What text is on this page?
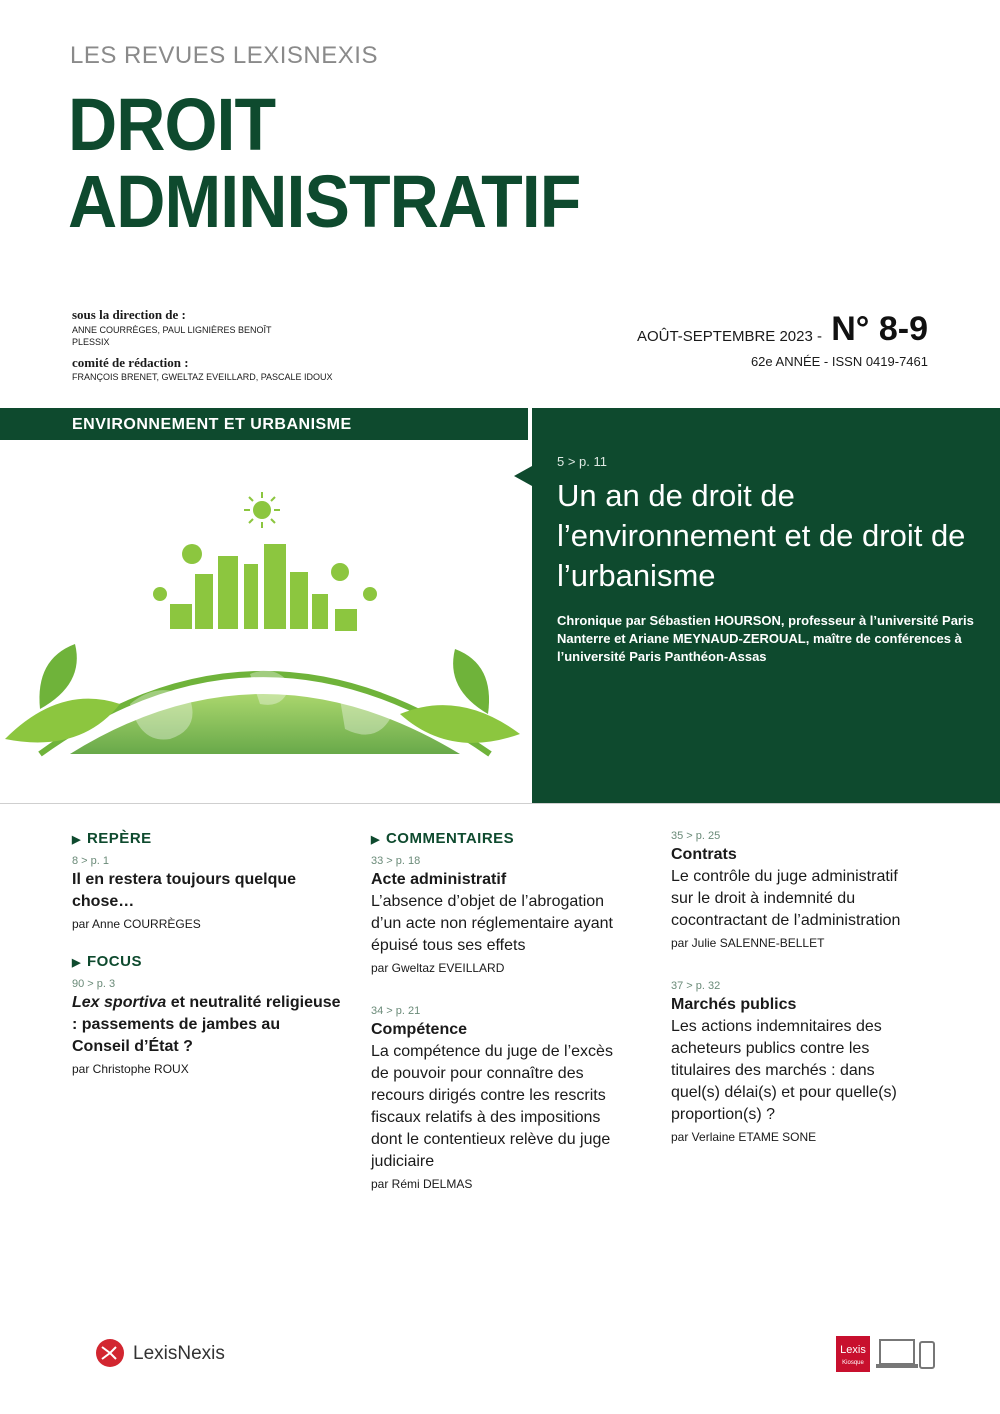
LES REVUES LEXISNEXIS
DROIT
ADMINISTRATIF
sous la direction de :
ANNE COURRÈGES, PAUL LIGNIÈRES BENOÎT PLESSIX
comité de rédaction :
FRANÇOIS BRENET, GWELTAZ EVEILLARD, PASCALE IDOUX
AOÛT-SEPTEMBRE 2023 - N° 8-9
62e ANNÉE - ISSN 0419-7461
ENVIRONNEMENT ET URBANISME
5 > p. 11
Un an de droit de l’environnement et de droit de l’urbanisme
Chronique par Sébastien HOURSON, professeur à l’université Paris Nanterre et Ariane MEYNAUD-ZEROUAL, maître de conférences à l’université Paris Panthéon-Assas
▶ REPÈRE
8 > p. 1
Il en restera toujours quelque chose…
par Anne COURRÈGES
▶ FOCUS
90 > p. 3
Lex sportiva et neutralité religieuse : passements de jambes au Conseil d’État ?
par Christophe ROUX
▶ COMMENTAIRES
33 > p. 18
Acte administratif
L’absence d’objet de l’abrogation d’un acte non réglementaire ayant épuisé tous ses effets
par Gweltaz EVEILLARD
34 > p. 21
Compétence
La compétence du juge de l’excès de pouvoir pour connaître des recours dirigés contre les rescrits fiscaux relatifs à des impositions dont le contentieux relève du juge judiciaire
par Rémi DELMAS
35 > p. 25
Contrats
Le contrôle du juge administratif sur le droit à indemnité du cocontractant de l’administration
par Julie SALENNE-BELLET
37 > p. 32
Marchés publics
Les actions indemnitaires des acheteurs publics contre les titulaires des marchés : dans quel(s) délai(s) et pour quelle(s) proportion(s) ?
par Verlaine ETAME SONE
LexisNexis	Lexis
Kiosque
